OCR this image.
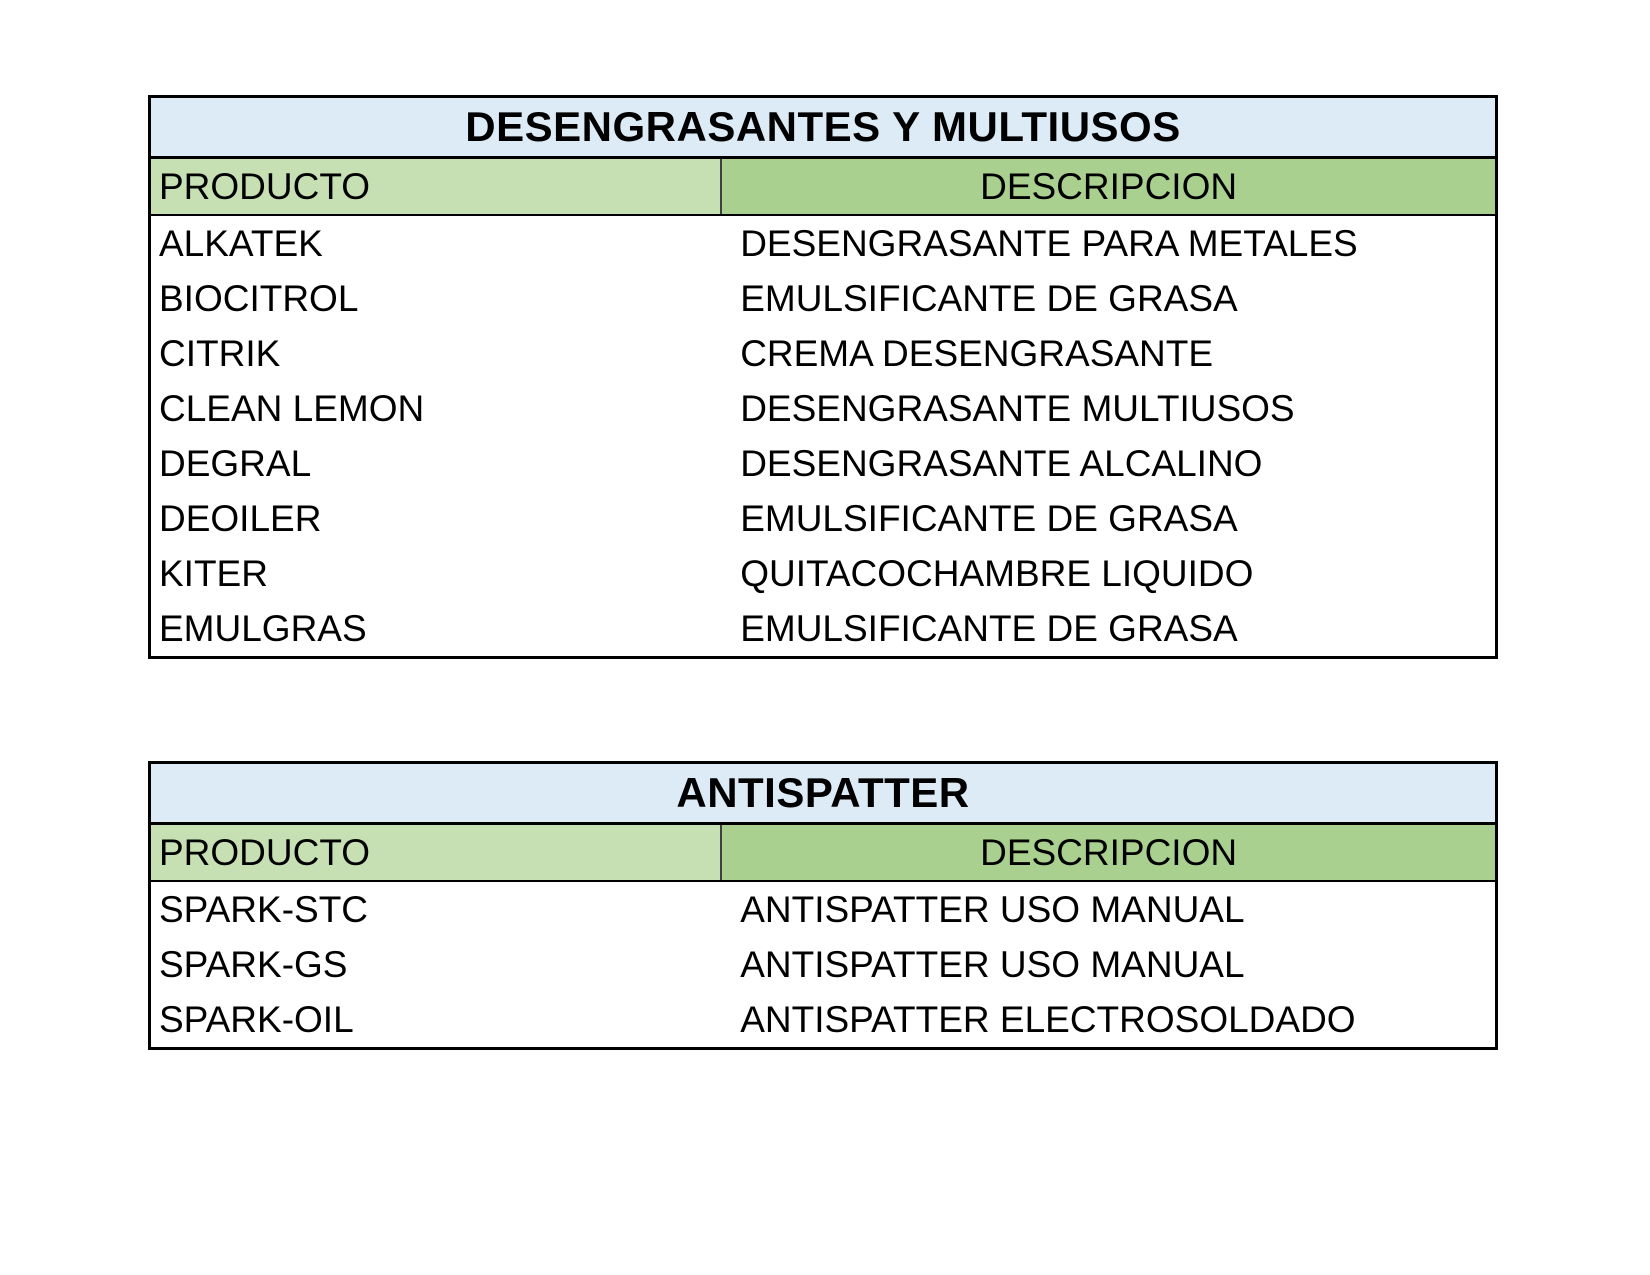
DESENGRASANTES Y MULTIUSOS
PRODUCTO	DESCRIPCION
ALKATEK	DESENGRASANTE PARA METALES
BIOCITROL	EMULSIFICANTE DE GRASA
CITRIK	CREMA DESENGRASANTE
CLEAN LEMON	DESENGRASANTE MULTIUSOS
DEGRAL	DESENGRASANTE ALCALINO
DEOILER	EMULSIFICANTE DE GRASA
KITER	QUITACOCHAMBRE LIQUIDO
EMULGRAS	EMULSIFICANTE DE GRASA
ANTISPATTER
PRODUCTO	DESCRIPCION
SPARK-STC	ANTISPATTER USO MANUAL
SPARK-GS	ANTISPATTER USO MANUAL
SPARK-OIL	ANTISPATTER ELECTROSOLDADO
